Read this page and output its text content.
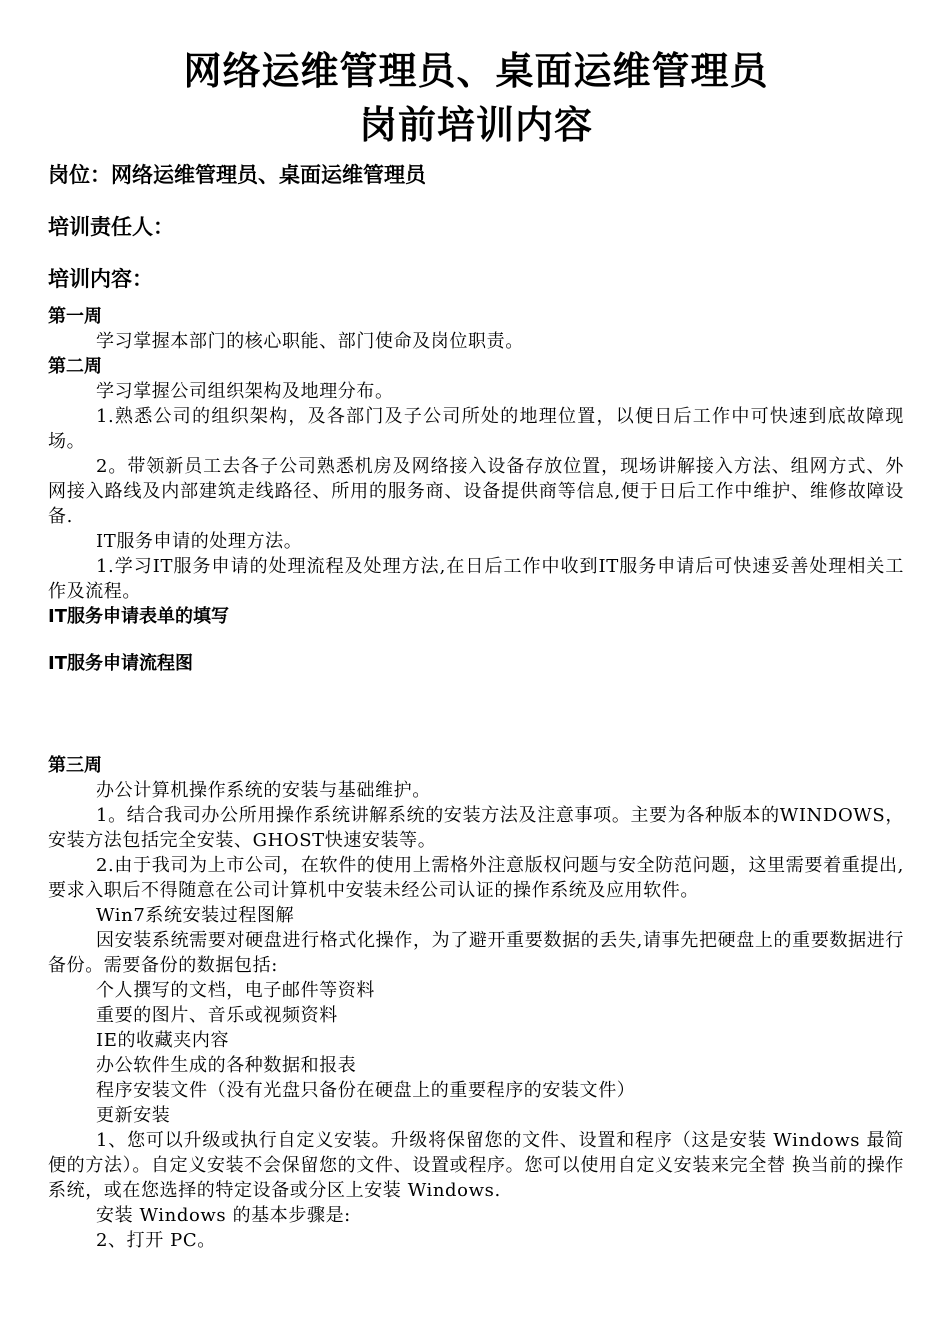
网络运维管理员、桌面运维管理员
岗前培训内容

岗位：网络运维管理员、桌面运维管理员

培训责任人：

培训内容：

第一周

学习掌握本部门的核心职能、部门使命及岗位职责。

第二周

学习掌握公司组织架构及地理分布。

1.熟悉公司的组织架构，及各部门及子公司所处的地理位置，以便日后工作中可快速到底故障现场。

2。带领新员工去各子公司熟悉机房及网络接入设备存放位置，现场讲解接入方法、组网方式、外网接入路线及内部建筑走线路径、所用的服务商、设备提供商等信息,便于日后工作中维护、维修故障设备.

IT服务申请的处理方法。

1.学习IT服务申请的处理流程及处理方法,在日后工作中收到IT服务申请后可快速妥善处理相关工作及流程。

IT服务申请表单的填写

IT服务申请流程图

第三周

办公计算机操作系统的安装与基础维护。

1。结合我司办公所用操作系统讲解系统的安装方法及注意事项。主要为各种版本的WINDOWS，安装方法包括完全安装、GHOST快速安装等。

2.由于我司为上市公司，在软件的使用上需格外注意版权问题与安全防范问题，这里需要着重提出,要求入职后不得随意在公司计算机中安装未经公司认证的操作系统及应用软件。

Win7系统安装过程图解

因安装系统需要对硬盘进行格式化操作，为了避开重要数据的丢失,请事先把硬盘上的重要数据进行备份。需要备份的数据包括:

个人撰写的文档，电子邮件等资料

重要的图片、音乐或视频资料

IE的收藏夹内容

办公软件生成的各种数据和报表

程序安装文件（没有光盘只备份在硬盘上的重要程序的安装文件）

更新安装

1、您可以升级或执行自定义安装。升级将保留您的文件、设置和程序（这是安装 Windows 最简便的方法）。自定义安装不会保留您的文件、设置或程序。您可以使用自定义安装来完全替 换当前的操作系统，或在您选择的特定设备或分区上安装 Windows.

安装 Windows 的基本步骤是:

2、打开 PC。
